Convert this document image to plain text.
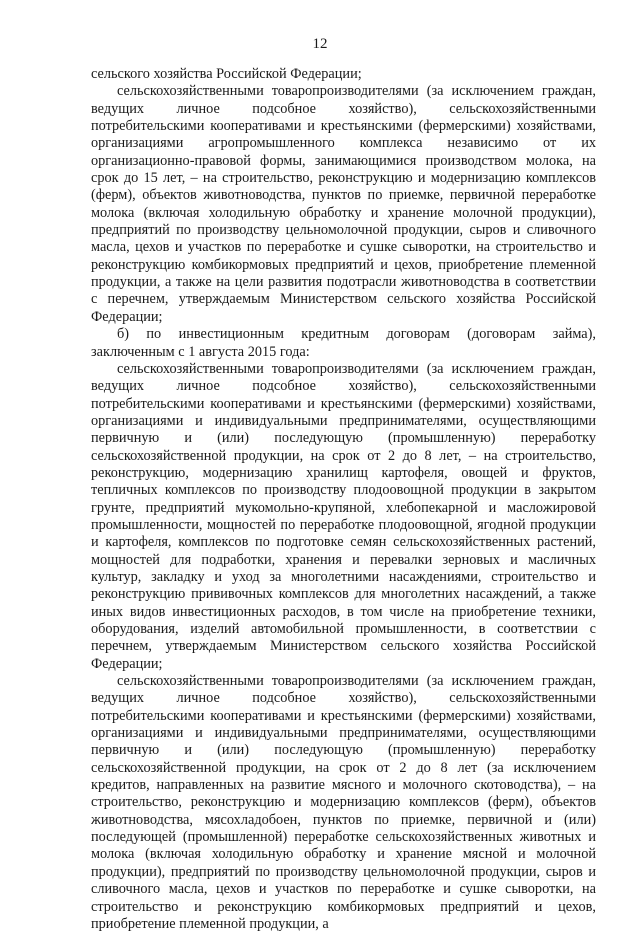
12

сельского хозяйства Российской Федерации;

сельскохозяйственными товаропроизводителями (за исключением граждан, ведущих личное подсобное хозяйство), сельскохозяйственными потребительскими кооперативами и крестьянскими (фермерскими) хозяйствами, организациями агропромышленного комплекса независимо от их организационно-правовой формы, занимающимися производством молока, на срок до 15 лет, – на строительство, реконструкцию и модернизацию комплексов (ферм), объектов животноводства, пунктов по приемке, первичной переработке молока (включая холодильную обработку и хранение молочной продукции), предприятий по производству цельномолочной продукции, сыров и сливочного масла, цехов и участков по переработке и сушке сыворотки, на строительство и реконструкцию комбикормовых предприятий и цехов, приобретение племенной продукции, а также на цели развития подотрасли животноводства в соответствии с перечнем, утверждаемым Министерством сельского хозяйства Российской Федерации;

б) по инвестиционным кредитным договорам (договорам займа), заключенным с 1 августа 2015 года:

сельскохозяйственными товаропроизводителями (за исключением граждан, ведущих личное подсобное хозяйство), сельскохозяйственными потребительскими кооперативами и крестьянскими (фермерскими) хозяйствами, организациями и индивидуальными предпринимателями, осуществляющими первичную и (или) последующую (промышленную) переработку сельскохозяйственной продукции, на срок от 2 до 8 лет, – на строительство, реконструкцию, модернизацию хранилищ картофеля, овощей и фруктов, тепличных комплексов по производству плодоовощной продукции в закрытом грунте, предприятий мукомольно-крупяной, хлебопекарной и масложировой промышленности, мощностей по переработке плодоовощной, ягодной продукции и картофеля, комплексов по подготовке семян сельскохозяйственных растений, мощностей для подработки, хранения и перевалки зерновых и масличных культур, закладку и уход за многолетними насаждениями, строительство и реконструкцию прививочных комплексов для многолетних насаждений, а также иных видов инвестиционных расходов, в том числе на приобретение техники, оборудования, изделий автомобильной промышленности, в соответствии с перечнем, утверждаемым Министерством сельского хозяйства Российской Федерации;

сельскохозяйственными товаропроизводителями (за исключением граждан, ведущих личное подсобное хозяйство), сельскохозяйственными потребительскими кооперативами и крестьянскими (фермерскими) хозяйствами, организациями и индивидуальными предпринимателями, осуществляющими первичную и (или) последующую (промышленную) переработку сельскохозяйственной продукции, на срок от 2 до 8 лет (за исключением кредитов, направленных на развитие мясного и молочного скотоводства), – на строительство, реконструкцию и модернизацию комплексов (ферм), объектов животноводства, мясохладобоен, пунктов по приемке, первичной и (или) последующей (промышленной) переработке сельскохозяйственных животных и молока (включая холодильную обработку и хранение мясной и молочной продукции), предприятий по производству цельномолочной продукции, сыров и сливочного масла, цехов и участков по переработке и сушке сыворотки, на строительство и реконструкцию комбикормовых предприятий и цехов, приобретение племенной продукции, а
